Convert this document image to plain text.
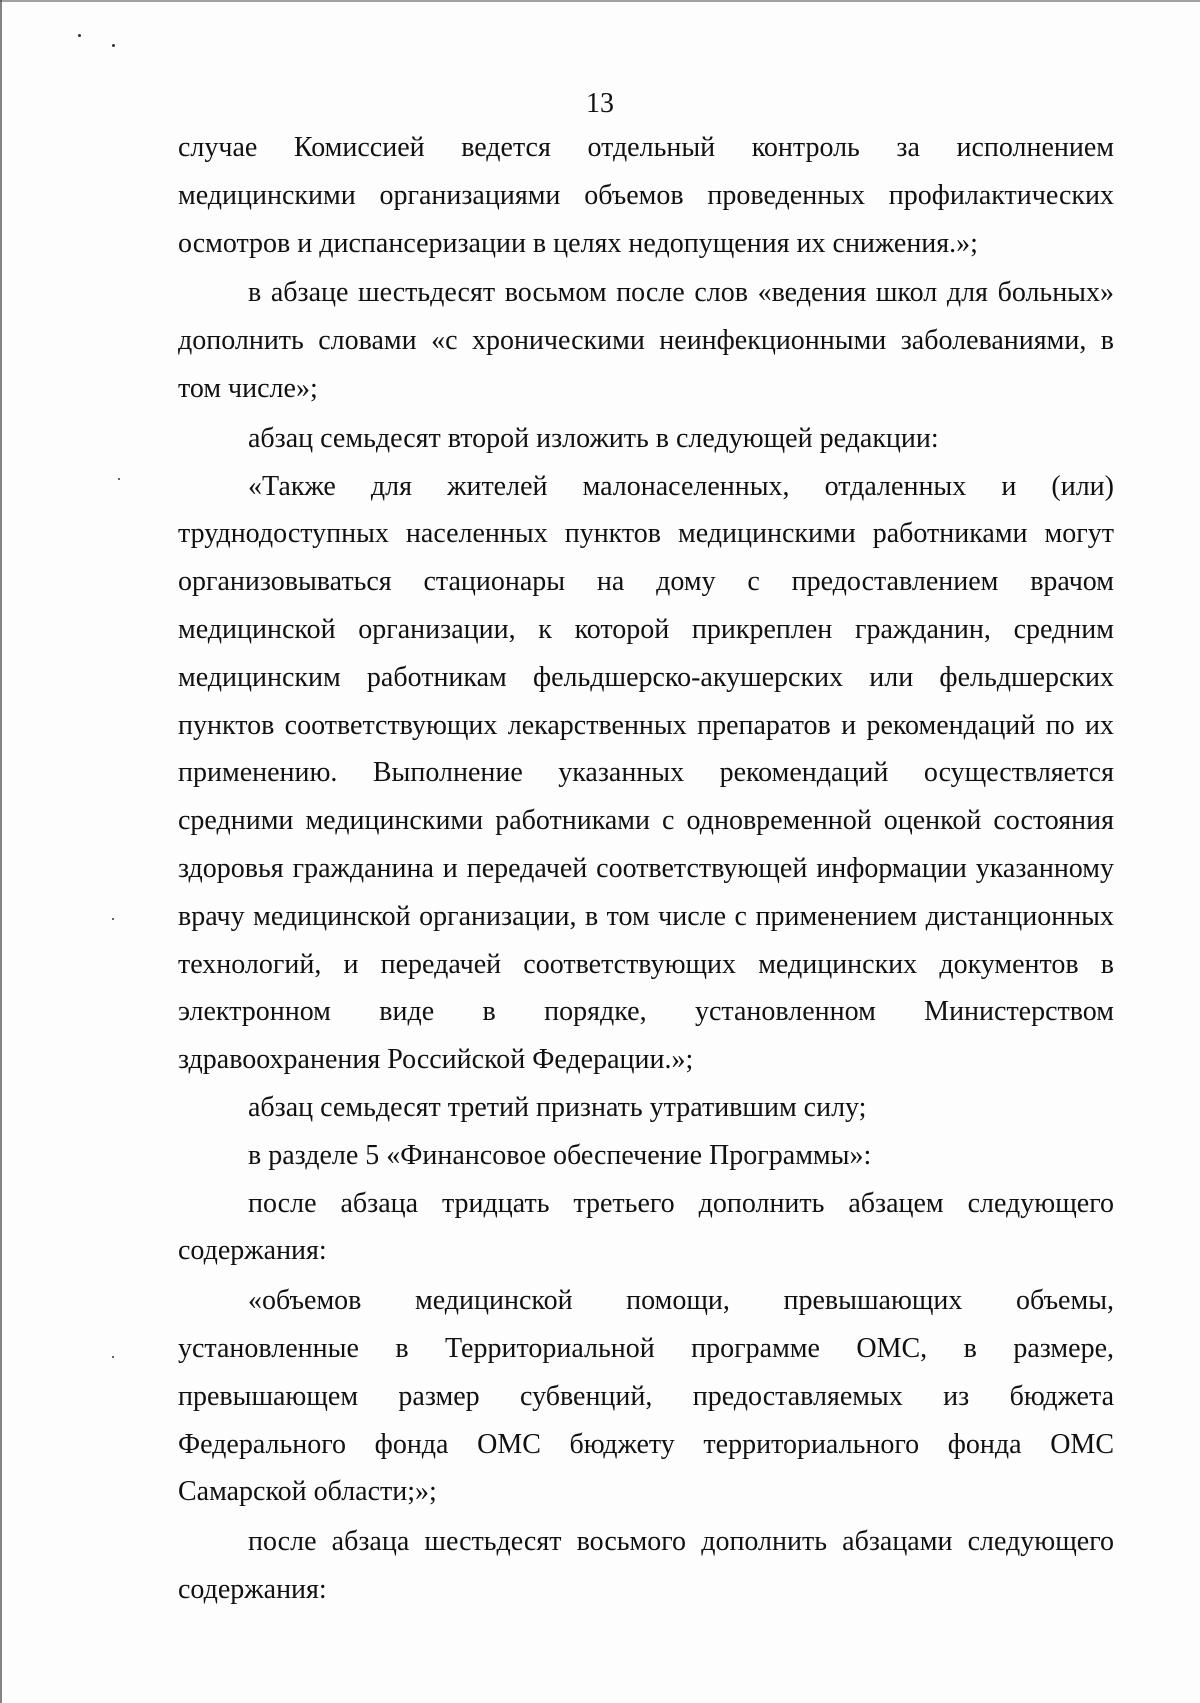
13

случае Комиссией ведется отдельный контроль за исполнением медицинскими организациями объемов проведенных профилактических осмотров и диспансеризации в целях недопущения их снижения.»;

в абзаце шестьдесят восьмом после слов «ведения школ для больных» дополнить словами «с хроническими неинфекционными заболеваниями, в том числе»;

абзац семьдесят второй изложить в следующей редакции:

«Также для жителей малонаселенных, отдаленных и (или) труднодоступных населенных пунктов медицинскими работниками могут организовываться стационары на дому с предоставлением врачом медицинской организации, к которой прикреплен гражданин, средним медицинским работникам фельдшерско-акушерских или фельдшерских пунктов соответствующих лекарственных препаратов и рекомендаций по их применению. Выполнение указанных рекомендаций осуществляется средними медицинскими работниками с одновременной оценкой состояния здоровья гражданина и передачей соответствующей информации указанному врачу медицинской организации, в том числе с применением дистанционных технологий, и передачей соответствующих медицинских документов в электронном виде в порядке, установленном Министерством здравоохранения Российской Федерации.»;

абзац семьдесят третий признать утратившим силу;

в разделе 5 «Финансовое обеспечение Программы»:

после абзаца тридцать третьего дополнить абзацем следующего содержания:

«объемов медицинской помощи, превышающих объемы, установленные в Территориальной программе ОМС, в размере, превышающем размер субвенций, предоставляемых из бюджета Федерального фонда ОМС бюджету территориального фонда ОМС Самарской области;»;

после абзаца шестьдесят восьмого дополнить абзацами следующего содержания:
